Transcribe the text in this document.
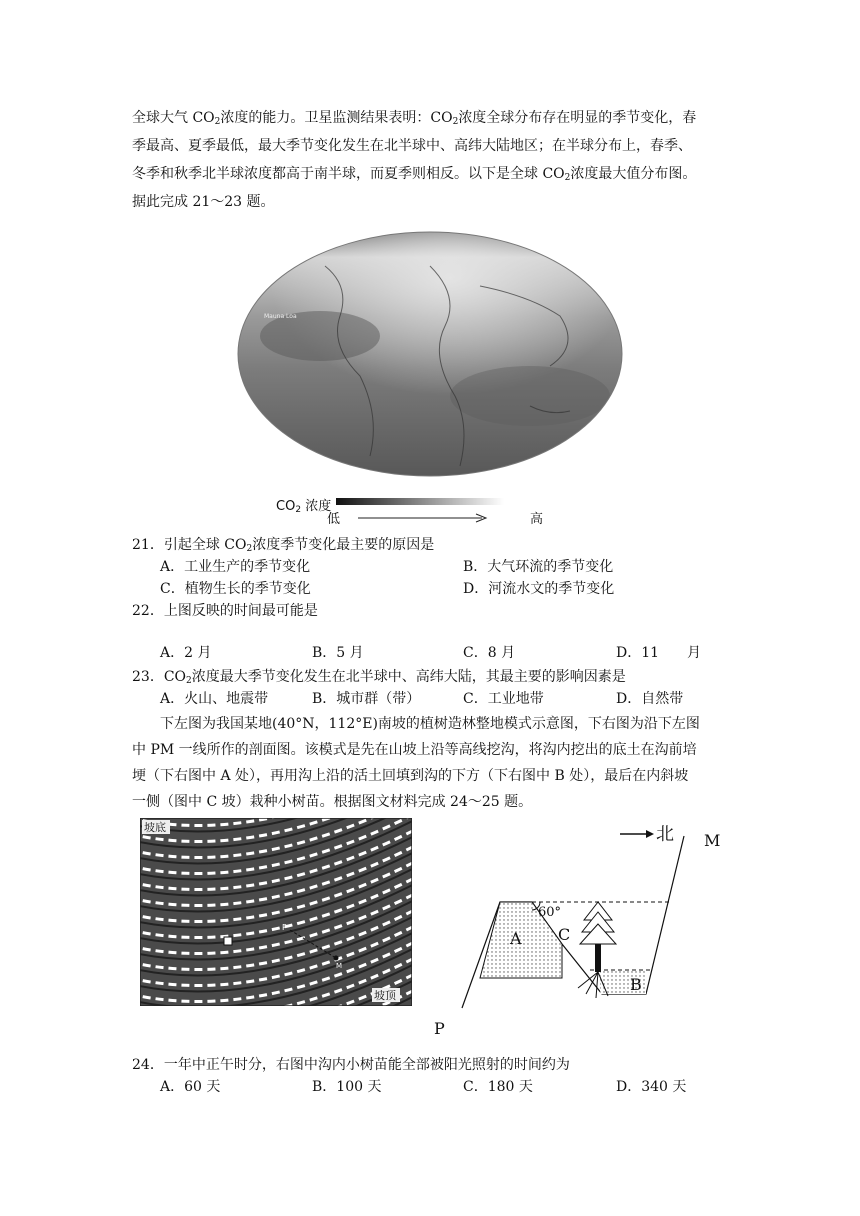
全球大气 $CO_2$浓度的能力。卫星监测结果表明：$CO_2$浓度全球分布存在明显的季节变化，春
季最高、夏季最低，最大季节变化发生在北半球中、高纬大陆地区；在半球分布上，春季、
冬季和秋季北半球浓度都高于南半球，而夏季则相反。以下是全球 $CO_2$浓度最大值分布图。
据此完成 21～23 题。
Mauna Loa
$CO_2$ 浓度
低	高
21．引起全球 $CO_2$浓度季节变化最主要的原因是
A．工业生产的季节变化	B．大气环流的季节变化
C．植物生长的季节变化	D．河流水文的季节变化
22．上图反映的时间最可能是
A．2 月	B．5 月	C．8 月	D．11　　月
23．$CO_2$浓度最大季节变化发生在北半球中、高纬大陆，其最主要的影响因素是
A．火山、地震带	B．城市群（带）	C．工业地带	D．自然带
下左图为我国某地(40°N，112°E)南坡的植树造林整地模式示意图，下右图为沿下左图
中 PM 一线所作的剖面图。该模式是先在山坡上沿等高线挖沟，将沟内挖出的底土在沟前培
埂（下右图中 A 处），再用沟上沿的活土回填到沟的下方（下右图中 B 处），最后在内斜坡
一侧（图中 C 坡）栽种小树苗。根据图文材料完成 24～25 题。
坡底
坡顶
P
M
北
60°
A C
B
P
M
24．一年中正午时分，右图中沟内小树苗能全部被阳光照射的时间约为
A．60 天	B．100 天	C．180 天	D．340 天
